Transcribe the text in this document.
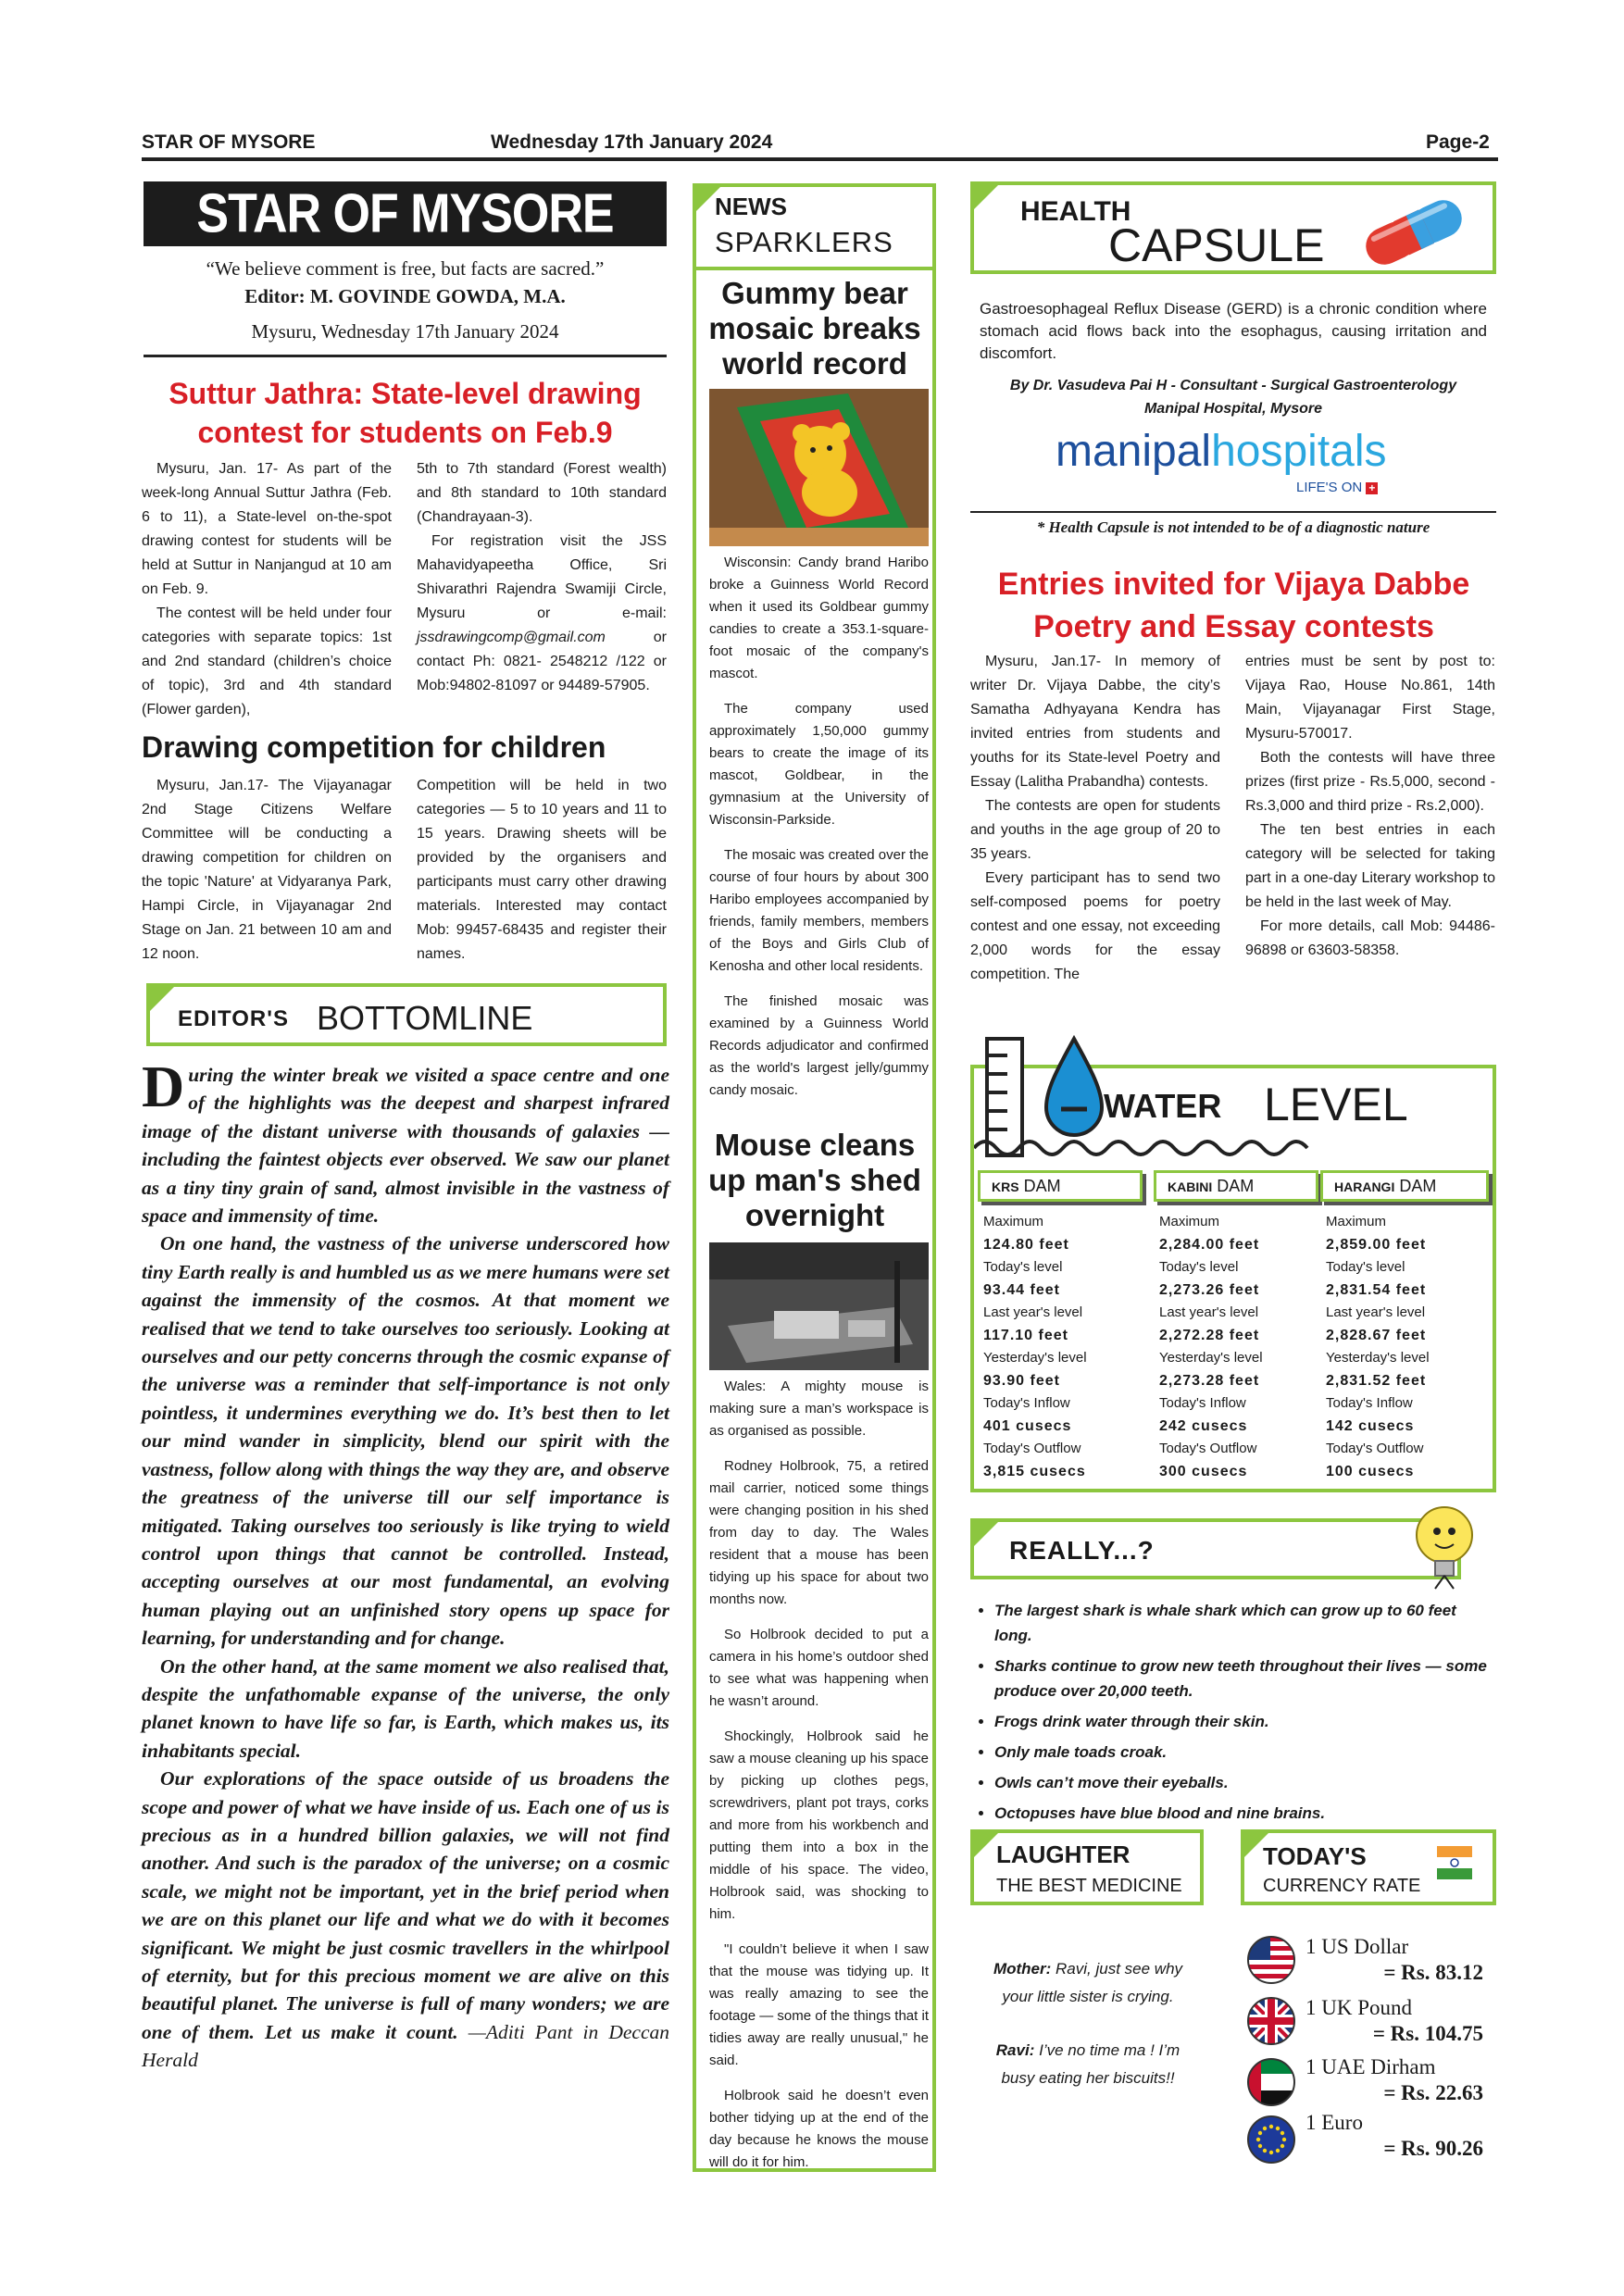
STAR OF MYSORE	Wednesday 17th January 2024	Page-2
STAR OF MYSORE
“We believe comment is free, but facts are sacred.”
Editor: M. GOVINDE GOWDA, M.A.
Mysuru, Wednesday 17th January 2024
Suttur Jathra: State-level drawing contest for students on Feb.9
Mysuru, Jan. 17- As part of the week-long Annual Suttur Jathra (Feb. 6 to 11), a State-level on-the-spot drawing contest for students will be held at Suttur in Nanjangud at 10 am on Feb. 9.
The contest will be held under four categories with separate topics: 1st and 2nd standard (children’s choice of topic), 3rd and 4th standard (Flower garden),
5th to 7th standard (Forest wealth) and 8th standard to 10th standard (Chandrayaan-3).
For registration visit the JSS Mahavidyapeetha Office, Sri Shivarathri Rajendra Swamiji Circle, Mysuru or e-mail: jssdrawingcomp@gmail.com	or contact Ph: 0821- 2548212 /122 or Mob:94802-81097 or 94489-57905.
Drawing competition for children
Mysuru, Jan.17- The Vijayanagar 2nd Stage Citizens Welfare Committee will be conducting a drawing competition for children on the topic 'Nature' at Vidyaranya Park, Hampi Circle, in Vijayanagar 2nd Stage on Jan. 21 between 10 am and 12 noon.
Competition will be held in two categories — 5 to 10 years and 11 to 15 years. Drawing sheets will be provided by the organisers and participants must carry other drawing materials. Interested may contact Mob: 99457-68435 and register their names.
EDITOR'S BOTTOMLINE
During the winter break we visited a space centre and one of the highlights was the deepest and sharpest infrared image of the distant universe with thousands of galaxies — including the faintest objects ever observed. We saw our planet as a tiny tiny grain of sand, almost invisible in the vastness of space and immensity of time.
On one hand, the vastness of the universe underscored how tiny Earth really is and humbled us as we mere humans were set against the immensity of the cosmos. At that moment we realised that we tend to take ourselves too seriously. Looking at ourselves and our petty concerns through the cosmic expanse of the universe was a reminder that self-importance is not only pointless, it undermines everything we do. It’s best then to let our mind wander in simplicity, blend our spirit with the vastness, follow along with things the way they are, and observe the greatness of the universe till our self importance is mitigated. Taking ourselves too seriously is like trying to wield control upon things that cannot be controlled. Instead, accepting ourselves at our most fundamental, an evolving human playing out an unfinished story opens up space for learning, for understanding and for change.
On the other hand, at the same moment we also realised that, despite the unfathomable expanse of the universe, the only planet known to have life so far, is Earth, which makes us, its inhabitants special.
Our explorations of the space outside of us broadens the scope and power of what we have inside of us. Each one of us is precious as in a hundred billion galaxies, we will not find another. And such is the paradox of the universe; on a cosmic scale, we might not be important, yet in the brief period when we are on this planet our life and what we do with it becomes significant. We might be just cosmic travellers in the whirlpool of eternity, but for this precious moment we are alive on this beautiful planet. The universe is full of many wonders; we are one of them. Let us make it count. —Aditi Pant in Deccan Herald
NEWS
SPARKLERS
Gummy bear mosaic breaks world record
Wisconsin: Candy brand Haribo broke a Guinness World Record when it used its Goldbear gummy candies to create a 353.1-square-foot mosaic of the company's mascot.
The company used approximately 1,50,000 gummy bears to create the image of its mascot, Goldbear, in the gymnasium at the University of Wisconsin-Parkside.
The mosaic was created over the course of four hours by about 300 Haribo employees accompanied by friends, family members, members of the Boys and Girls Club of Kenosha and other local residents.
The finished mosaic was examined by a Guinness World Records adjudicator and confirmed as the world's largest jelly/gummy candy mosaic.
Mouse cleans up man's shed overnight
Wales: A mighty mouse is making sure a man’s workspace is as organised as possible.
Rodney Holbrook, 75, a retired mail carrier, noticed some things were changing position in his shed from day to day. The Wales resident that a mouse has been tidying up his space for about two months now.
So Holbrook decided to put a camera in his home’s outdoor shed to see what was happening when he wasn’t around.
Shockingly, Holbrook said he saw a mouse cleaning up his space by picking up clothes pegs, screwdrivers, plant pot trays, corks and more from his workbench and putting them into a box in the middle of his space. The video, Holbrook said, was shocking to him.
"I couldn’t believe it when I saw that the mouse was tidying up. It was really amazing to see the footage — some of the things that it tidies away are really unusual," he said.
Holbrook said he doesn’t even bother tidying up at the end of the day because he knows the mouse will do it for him.
HEALTH
CAPSULE
Gastroesophageal Reflux Disease (GERD) is a chronic condition where stomach acid flows back into the esophagus, causing irritation and discomfort.
By Dr. Vasudeva Pai H - Consultant - Surgical Gastroenterology
Manipal Hospital, Mysore
manipalhospitals
LIFE'S ON +
* Health Capsule is not intended to be of a diagnostic nature
Entries invited for Vijaya Dabbe Poetry and Essay contests
Mysuru, Jan.17- In memory of writer Dr. Vijaya Dabbe, the city’s Samatha Adhyayana Kendra has invited entries from students and youths for its State-level Poetry and Essay (Lalitha Prabandha) contests.
The contests are open for students and youths in the age group of 20 to 35 years.
Every participant has to send two self-composed poems for poetry contest and one essay, not exceeding 2,000 words for the essay competition. The
entries must be sent by post to: Vijaya Rao, House No.861, 14th Main, Vijayanagar First Stage, Mysuru-570017.
Both the contests will have three prizes (first prize - Rs.5,000, second - Rs.3,000 and third prize - Rs.2,000).
The ten best entries in each category will be selected for taking part in a one-day Literary workshop to be held in the last week of May.
For more details, call Mob: 94486-96898 or 63603-58358.
WATER LEVEL
KRS DAM
Maximum
124.80 feet
Today's level
93.44 feet
Last year's level
117.10 feet
Yesterday's level
93.90 feet
Today's Inflow
401 cusecs
Today's Outflow
3,815 cusecs
KABINI DAM
Maximum
2,284.00 feet
Today's level
2,273.26 feet
Last year's level
2,272.28 feet
Yesterday's level
2,273.28 feet
Today's Inflow
242 cusecs
Today's Outflow
300 cusecs
HARANGI DAM
Maximum
2,859.00 feet
Today's level
2,831.54 feet
Last year's level
2,828.67 feet
Yesterday's level
2,831.52 feet
Today's Inflow
142 cusecs
Today's Outflow
100 cusecs
REALLY...?
• The largest shark is whale shark which can grow up to 60 feet long.
• Sharks continue to grow new teeth throughout their lives — some produce over 20,000 teeth.
• Frogs drink water through their skin.
• Only male toads croak.
• Owls can’t move their eyeballs.
• Octopuses have blue blood and nine brains.
LAUGHTER
THE BEST MEDICINE
Mother: Ravi, just see why your little sister is crying.
Ravi: I’ve no time ma ! I’m busy eating her biscuits!!
TODAY'S
CURRENCY RATE
1 US Dollar
= Rs. 83.12
1 UK Pound
= Rs. 104.75
1 UAE Dirham
= Rs. 22.63
1 Euro
= Rs. 90.26
